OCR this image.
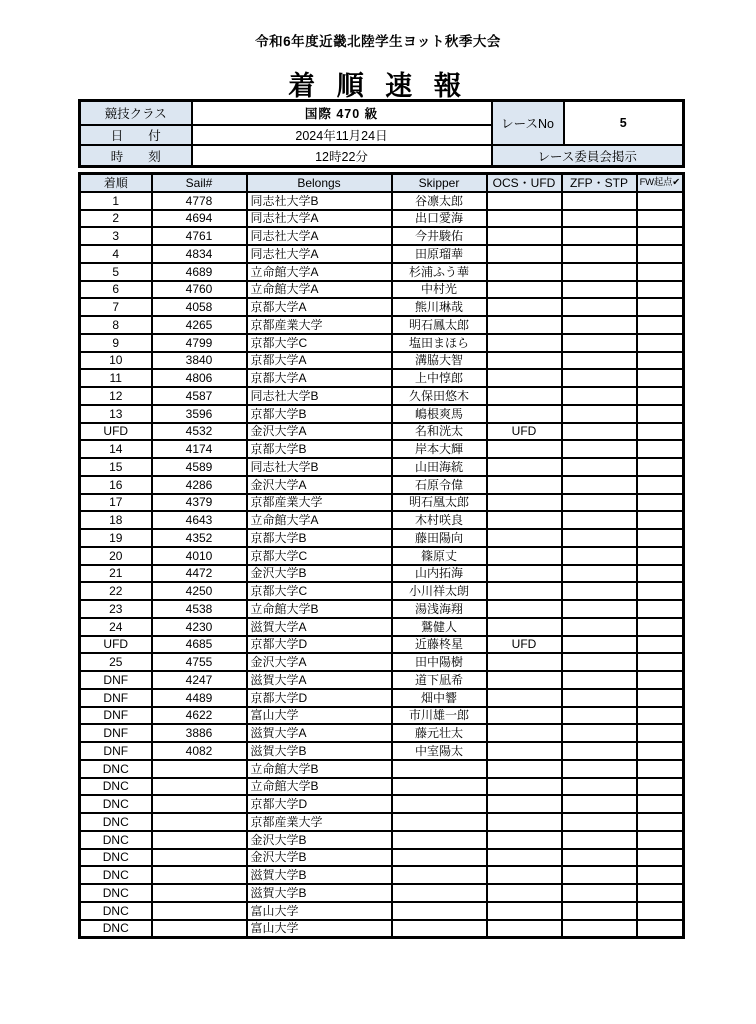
令和6年度近畿北陸学生ヨット秋季大会
着 順 速 報
競技クラス	国際 470 級	レースNo	5
日　　付	2024年11月24日		
時　　刻	12時22分	レース委員会掲示	
着順	Sail#	Belongs	Skipper	OCS・UFD	ZFP・STP	FW起点✔
1	4778	同志社大学B	谷凛太郎			
2	4694	同志社大学A	出口愛海			
3	4761	同志社大学A	今井駿佑			
4	4834	同志社大学A	田原瑠華			
5	4689	立命館大学A	杉浦ふう華			
6	4760	立命館大学A	中村光			
7	4058	京都大学A	熊川琳哉			
8	4265	京都産業大学	明石鳳太郎			
9	4799	京都大学C	塩田まほら			
10	3840	京都大学A	溝脇大智			
11	4806	京都大学A	上中惇郎			
12	4587	同志社大学B	久保田悠木			
13	3596	京都大学B	嶋根爽馬			
UFD	4532	金沢大学A	名和洸太	UFD		
14	4174	京都大学B	岸本大輝			
15	4589	同志社大学B	山田海統			
16	4286	金沢大学A	石原令偉			
17	4379	京都産業大学	明石凰太郎			
18	4643	立命館大学A	木村咲良			
19	4352	京都大学B	藤田陽向			
20	4010	京都大学C	篠原丈			
21	4472	金沢大学B	山内拓海			
22	4250	京都大学C	小川祥太朗			
23	4538	立命館大学B	湯浅海翔			
24	4230	滋賀大学A	鷲健人			
UFD	4685	京都大学D	近藤柊星	UFD		
25	4755	金沢大学A	田中陽樹			
DNF	4247	滋賀大学A	道下凪希			
DNF	4489	京都大学D	畑中響			
DNF	4622	富山大学	市川雄一郎			
DNF	3886	滋賀大学A	藤元壮太			
DNF	4082	滋賀大学B	中室陽太			
DNC		立命館大学B				
DNC		立命館大学B				
DNC		京都大学D				
DNC		京都産業大学				
DNC		金沢大学B				
DNC		金沢大学B				
DNC		滋賀大学B				
DNC		滋賀大学B				
DNC		富山大学				
DNC		富山大学				
